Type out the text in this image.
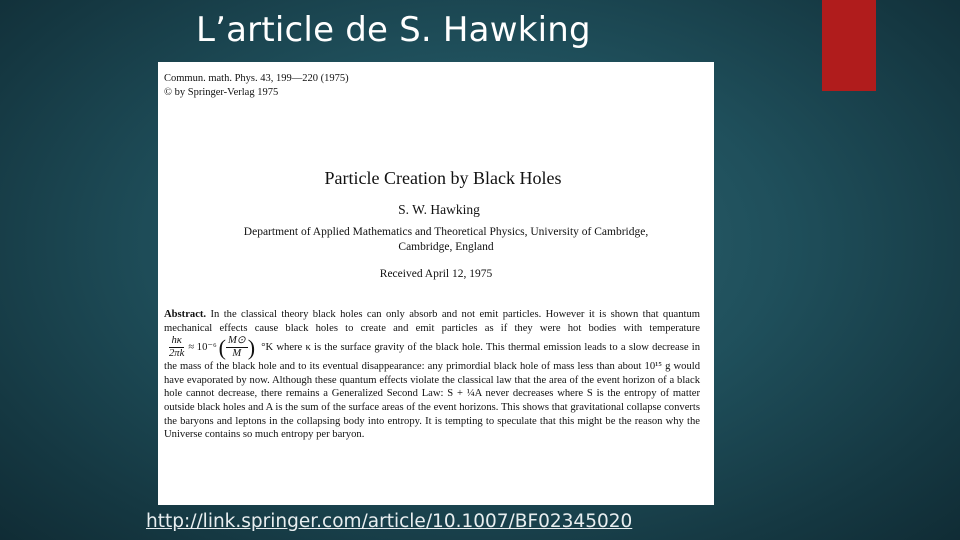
L’article de S. Hawking
Commun. math. Phys. 43, 199—220 (1975)
© by Springer-Verlag 1975
Particle Creation by Black Holes
S. W. Hawking
Department of Applied Mathematics and Theoretical Physics, University of Cambridge,
Cambridge, England
Received April 12, 1975
Abstract. In the classical theory black holes can only absorb and not emit particles. However it is shown that quantum mechanical effects cause black holes to create and emit particles as if they were hot bodies with temperature
$\frac{h\kappa}{2\pi k} \approx 10^{-6}$ ( $\frac{M⊙}{M}$ ) °K where κ is the surface gravity of the black hole. This thermal emission leads to a slow decrease in the mass of the black hole and to its eventual disappearance: any primordial black hole of mass less than about 10¹⁵ g would have evaporated by now. Although these quantum effects violate the classical law that the area of the event horizon of a black hole cannot decrease, there remains a Generalized Second Law: S + ¼A never decreases where S is the entropy of matter outside black holes and A is the sum of the surface areas of the event horizons. This shows that gravitational collapse converts the baryons and leptons in the collapsing body into entropy. It is tempting to speculate that this might be the reason why the Universe contains so much entropy per baryon.
http://link.springer.com/article/10.1007/BF02345020
